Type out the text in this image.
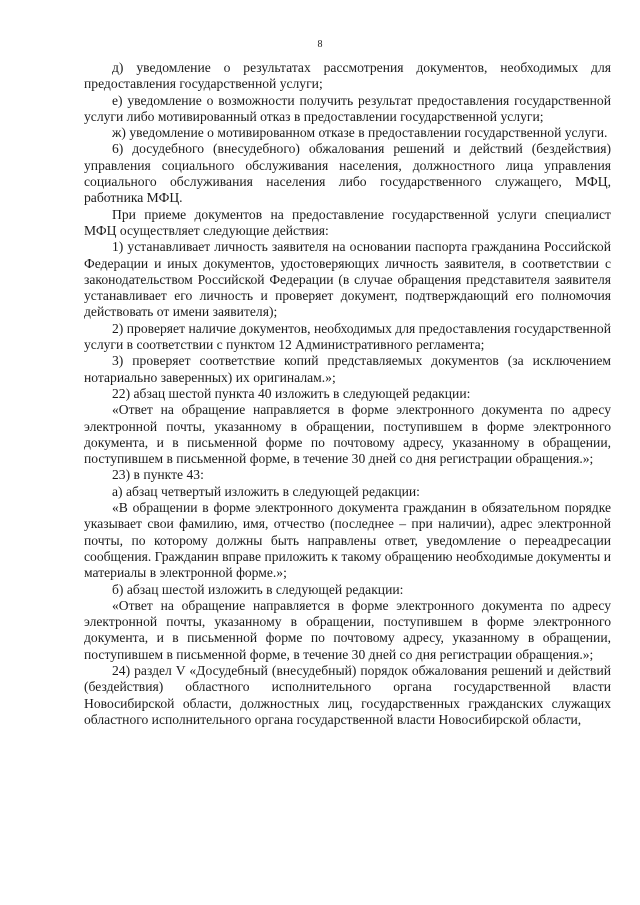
8

д) уведомление о результатах рассмотрения документов, необходимых для предоставления государственной услуги;

е) уведомление о возможности получить результат предоставления государственной услуги либо мотивированный отказ в предоставлении государственной услуги;

ж) уведомление о мотивированном отказе в предоставлении государственной услуги.

6) досудебного (внесудебного) обжалования решений и действий (бездействия) управления социального обслуживания населения, должностного лица управления социального обслуживания населения либо государственного служащего, МФЦ, работника МФЦ.

При приеме документов на предоставление государственной услуги специалист МФЦ осуществляет следующие действия:

1) устанавливает личность заявителя на основании паспорта гражданина Российской Федерации и иных документов, удостоверяющих личность заявителя, в соответствии с законодательством Российской Федерации (в случае обращения представителя заявителя устанавливает его личность и проверяет документ, подтверждающий его полномочия действовать от имени заявителя);

2) проверяет наличие документов, необходимых для предоставления государственной услуги в соответствии с пунктом 12 Административного регламента;

3) проверяет соответствие копий представляемых документов (за исключением нотариально заверенных) их оригиналам.»;

22) абзац шестой пункта 40 изложить в следующей редакции:

«Ответ на обращение направляется в форме электронного документа по адресу электронной почты, указанному в обращении, поступившем в форме электронного документа, и в письменной форме по почтовому адресу, указанному в обращении, поступившем в письменной форме, в течение 30 дней со дня регистрации обращения.»;

23) в пункте 43:

а) абзац четвертый изложить в следующей редакции:

«В обращении в форме электронного документа гражданин в обязательном порядке указывает свои фамилию, имя, отчество (последнее – при наличии), адрес электронной почты, по которому должны быть направлены ответ, уведомление о переадресации сообщения. Гражданин вправе приложить к такому обращению необходимые документы и материалы в электронной форме.»;

б) абзац шестой изложить в следующей редакции:

«Ответ на обращение направляется в форме электронного документа по адресу электронной почты, указанному в обращении, поступившем в форме электронного документа, и в письменной форме по почтовому адресу, указанному в обращении, поступившем в письменной форме, в течение 30 дней со дня регистрации обращения.»;

24) раздел V «Досудебный (внесудебный) порядок обжалования решений и действий (бездействия) областного исполнительного органа государственной власти Новосибирской области, должностных лиц, государственных гражданских служащих областного исполнительного органа государственной власти Новосибирской области,
